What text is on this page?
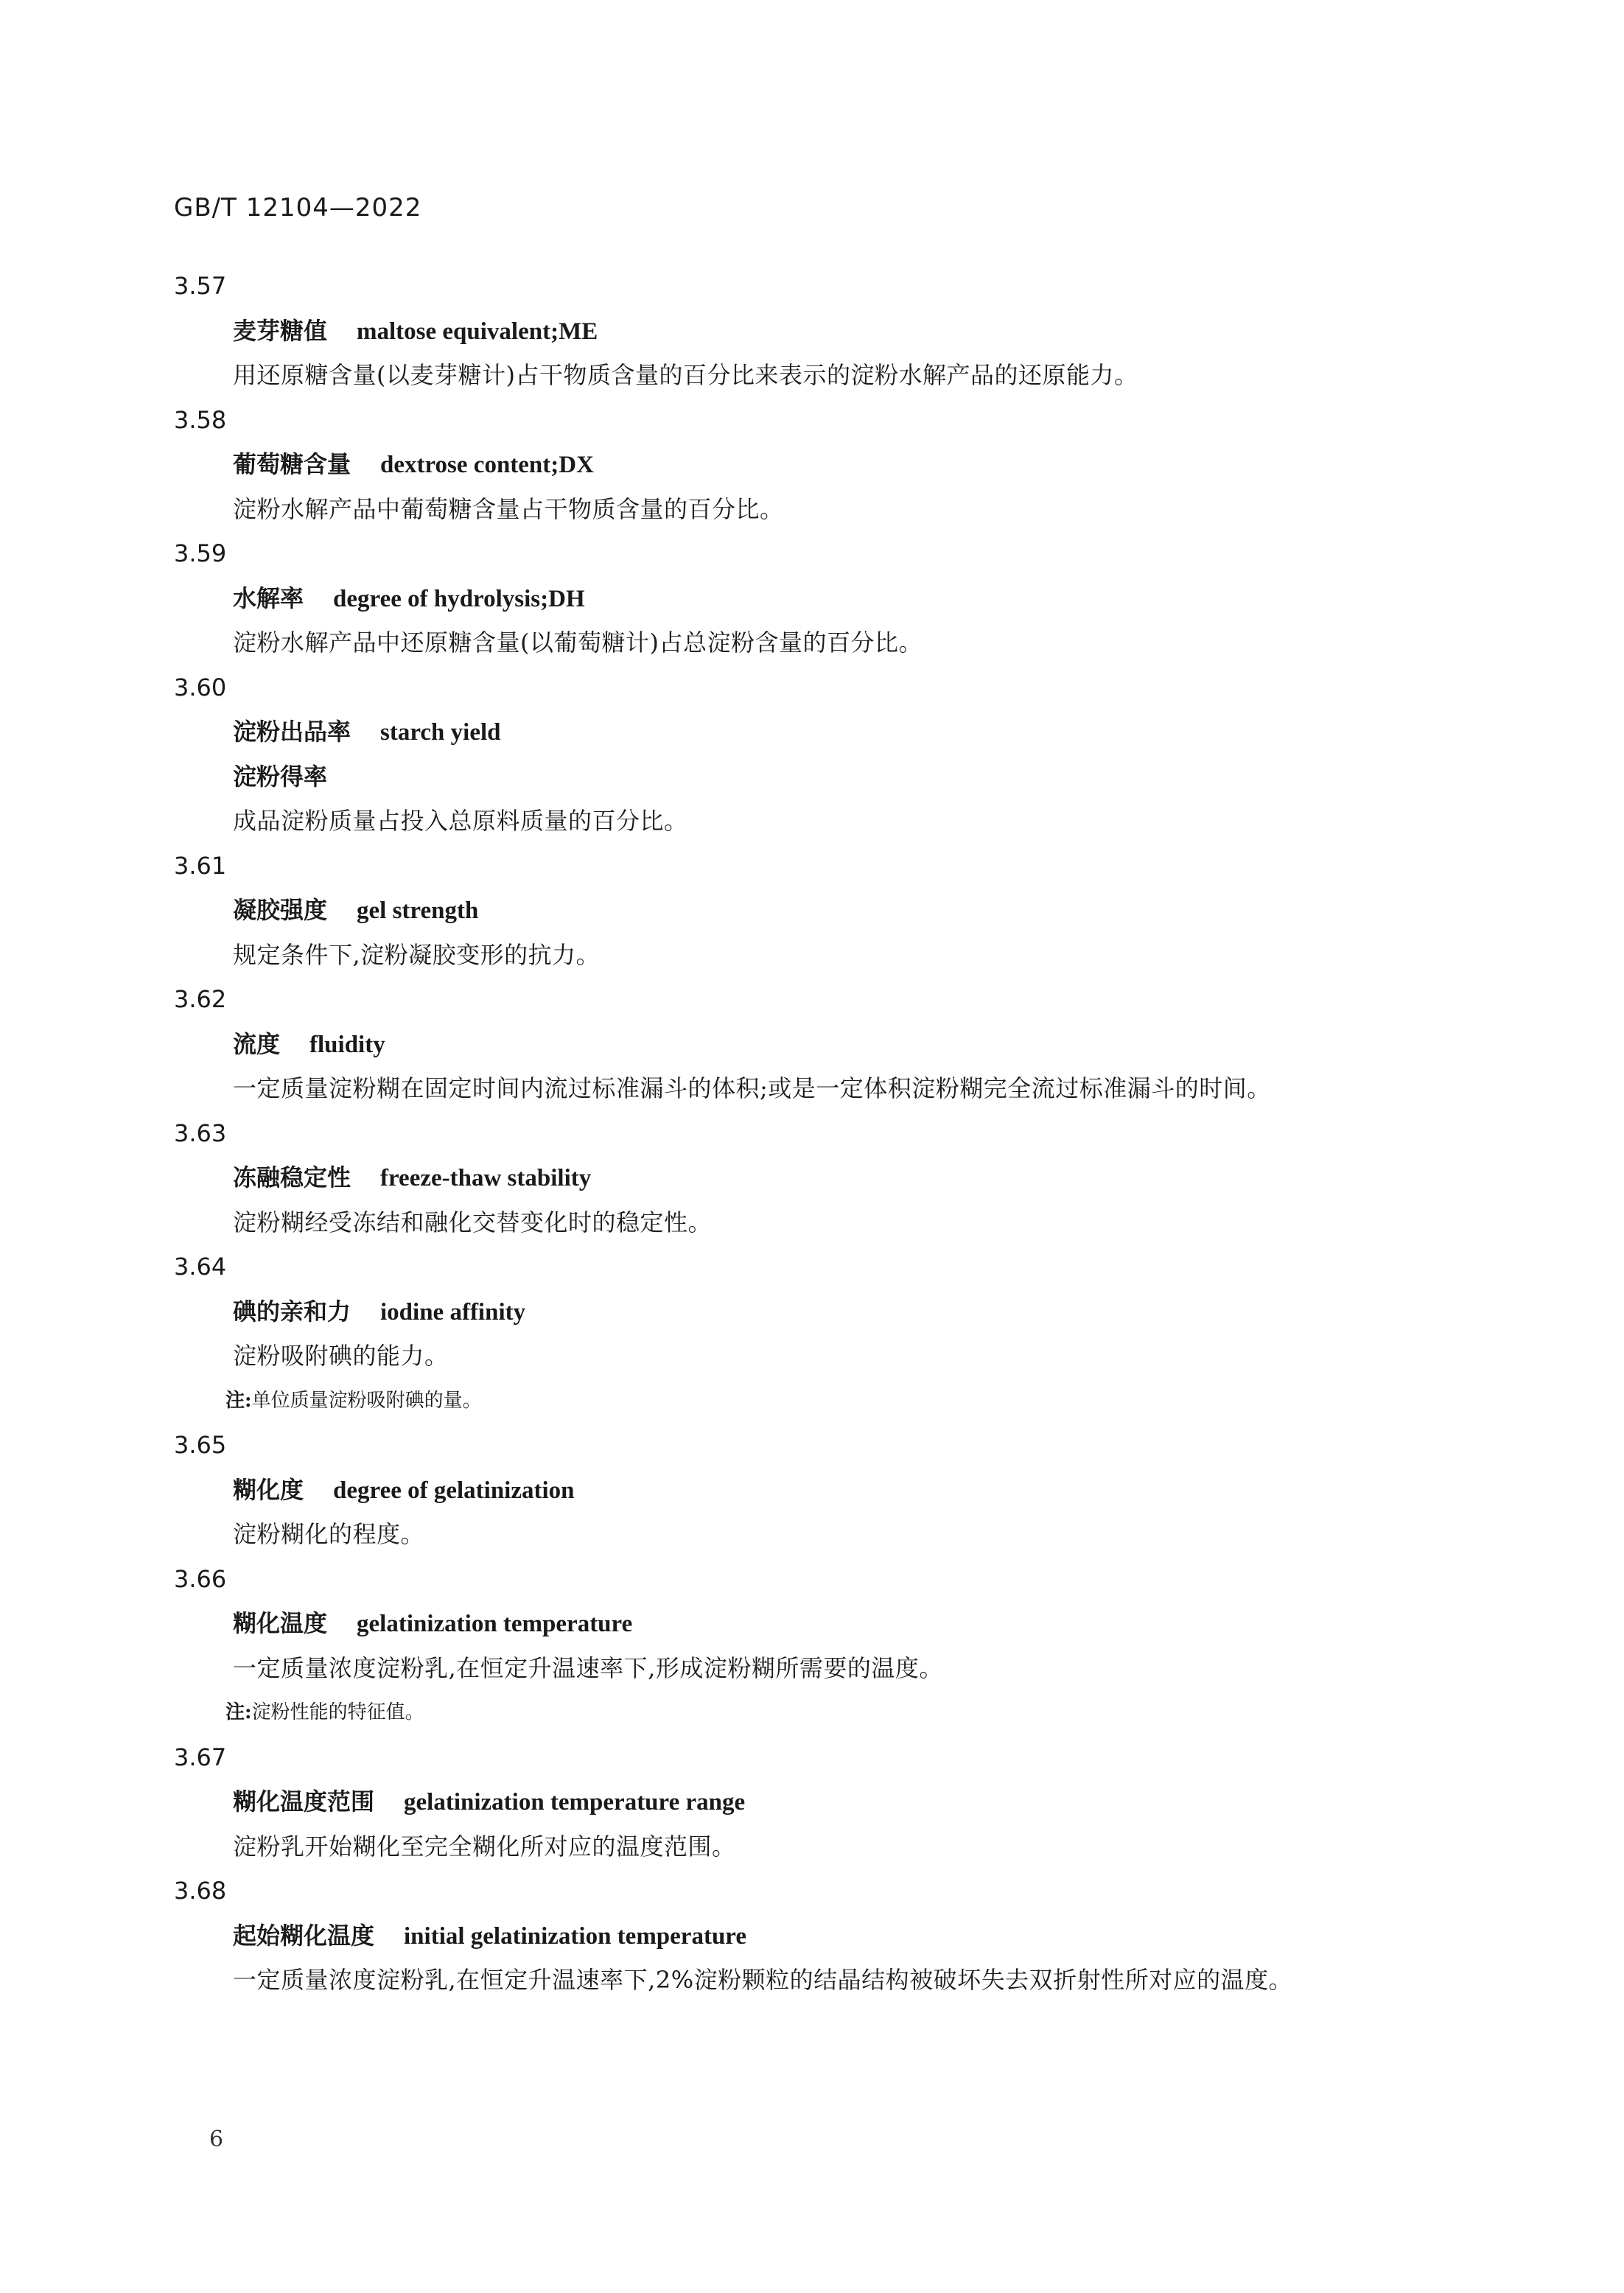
GB/T 12104—2022
3.57
麦芽糖值 maltose equivalent;ME
用还原糖含量(以麦芽糖计)占干物质含量的百分比来表示的淀粉水解产品的还原能力。
3.58
葡萄糖含量 dextrose content;DX
淀粉水解产品中葡萄糖含量占干物质含量的百分比。
3.59
水解率 degree of hydrolysis;DH
淀粉水解产品中还原糖含量(以葡萄糖计)占总淀粉含量的百分比。
3.60
淀粉出品率 starch yield
淀粉得率
成品淀粉质量占投入总原料质量的百分比。
3.61
凝胶强度 gel strength
规定条件下,淀粉凝胶变形的抗力。
3.62
流度 fluidity
一定质量淀粉糊在固定时间内流过标准漏斗的体积;或是一定体积淀粉糊完全流过标准漏斗的时间。
3.63
冻融稳定性 freeze-thaw stability
淀粉糊经受冻结和融化交替变化时的稳定性。
3.64
碘的亲和力 iodine affinity
淀粉吸附碘的能力。
注:单位质量淀粉吸附碘的量。
3.65
糊化度 degree of gelatinization
淀粉糊化的程度。
3.66
糊化温度 gelatinization temperature
一定质量浓度淀粉乳,在恒定升温速率下,形成淀粉糊所需要的温度。
注:淀粉性能的特征值。
3.67
糊化温度范围 gelatinization temperature range
淀粉乳开始糊化至完全糊化所对应的温度范围。
3.68
起始糊化温度 initial gelatinization temperature
一定质量浓度淀粉乳,在恒定升温速率下,2%淀粉颗粒的结晶结构被破坏失去双折射性所对应的温度。
6
